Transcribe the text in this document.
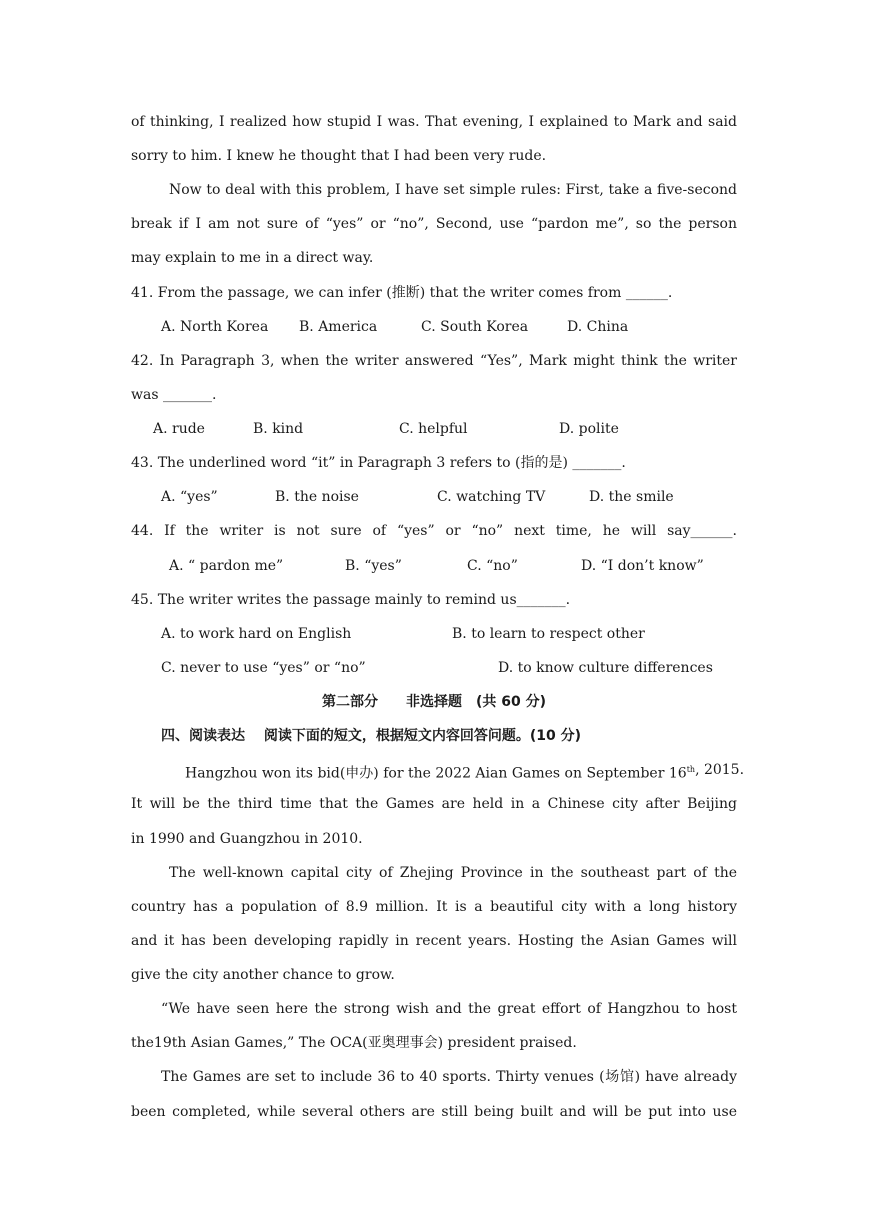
of thinking, I realized how stupid I was. That evening, I explained to Mark and said
sorry to him. I knew he thought that I had been very rude.
Now to deal with this problem, I have set simple rules: First, take a five-second
break if I am not sure of “yes” or “no”, Second, use “pardon me”, so the person
may explain to me in a direct way.
41. From the passage, we can infer (推断) that the writer comes from ______.
A. North Korea B. America	C. South Korea	D. China
42. In Paragraph 3, when the writer answered “Yes”, Mark might think the writer
was _______.
A. rude	B. kind	C. helpful	D. polite
43. The underlined word “it” in Paragraph 3 refers to (指的是) _______.
A. “yes”	B. the noise	C. watching TV	D. the smile
44. If the writer is not sure of “yes” or “no” next time, he will say______.
A. “ pardon me”	B. “yes”	C. “no”	D. “I don’t know”
45. The writer writes the passage mainly to remind us_______.
A. to work hard on English	B. to learn to respect other
C. never to use “yes” or “no”	D. to know culture differences
第二部分　　非选择题　(共 60 分)
四、阅读表达　 阅读下面的短文，根据短文内容回答问题。(10 分)
Hangzhou won its bid(申办) for the 2022 Aian Games on September 16th , 2015.
It will be the third time that the Games are held in a Chinese city after Beijing
in 1990 and Guangzhou in 2010.
The well-known capital city of Zhejing Province in the southeast part of the
country has a population of 8.9 million. It is a beautiful city with a long history
and it has been developing rapidly in recent years. Hosting the Asian Games will
give the city another chance to grow.
“We have seen here the strong wish and the great effort of Hangzhou to host
the19th Asian Games,” The OCA(亚奥理事会) president praised.
The Games are set to include 36 to 40 sports. Thirty venues (场馆) have already
been completed, while several others are still being built and will be put into use
